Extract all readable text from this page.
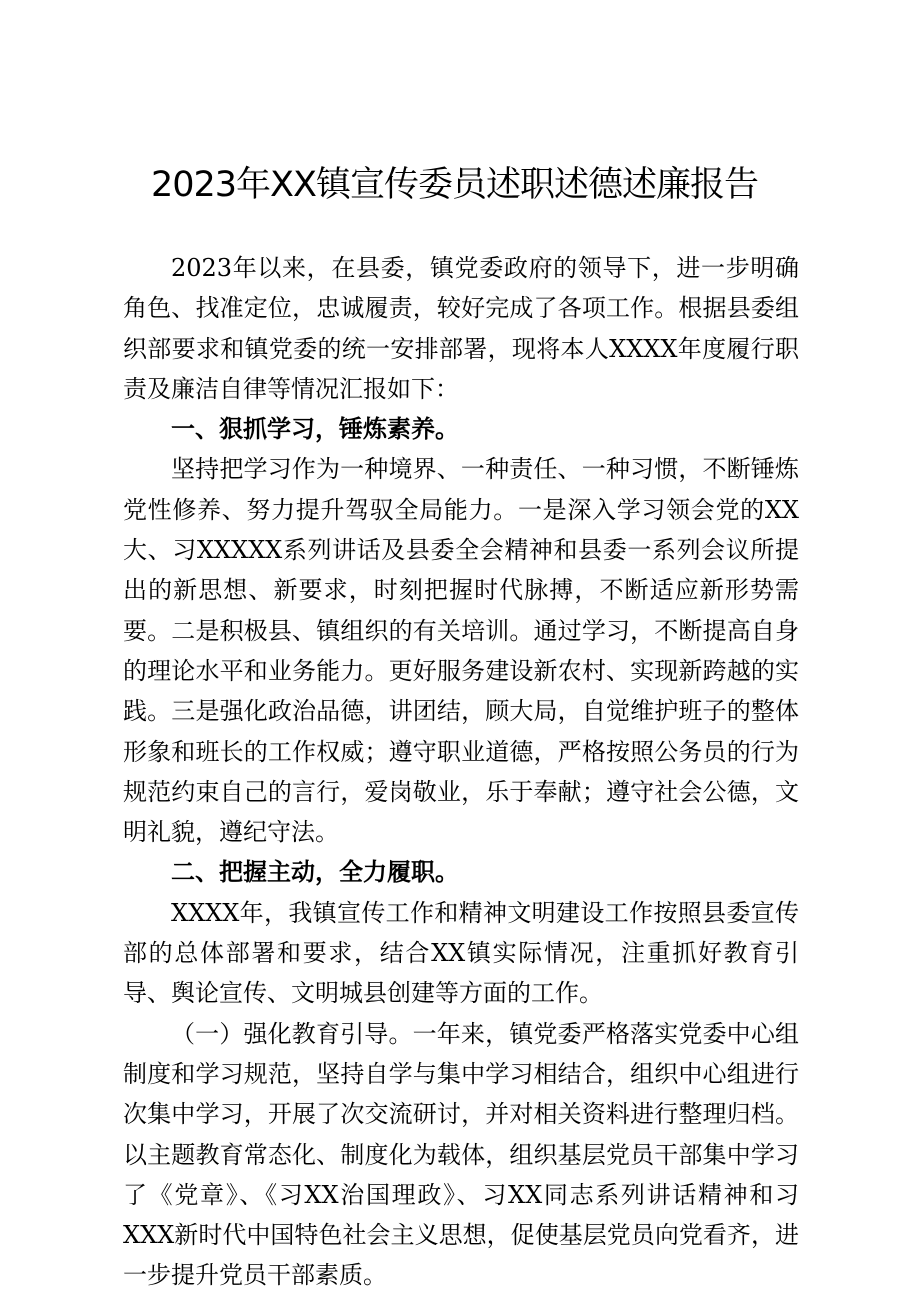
2023年XX镇宣传委员述职述德述廉报告

2023年以来，在县委，镇党委政府的领导下，进一步明确角色、找准定位，忠诚履责，较好完成了各项工作。根据县委组织部要求和镇党委的统一安排部署，现将本人XXXX年度履行职责及廉洁自律等情况汇报如下：

一、狠抓学习，锤炼素养。

坚持把学习作为一种境界、一种责任、一种习惯，不断锤炼党性修养、努力提升驾驭全局能力。一是深入学习领会党的XX大、习XXXXX系列讲话及县委全会精神和县委一系列会议所提出的新思想、新要求，时刻把握时代脉搏，不断适应新形势需要。二是积极县、镇组织的有关培训。通过学习，不断提高自身的理论水平和业务能力。更好服务建设新农村、实现新跨越的实践。三是强化政治品德，讲团结，顾大局，自觉维护班子的整体形象和班长的工作权威；遵守职业道德，严格按照公务员的行为规范约束自己的言行，爱岗敬业，乐于奉献；遵守社会公德，文明礼貌，遵纪守法。

二、把握主动，全力履职。

XXXX年，我镇宣传工作和精神文明建设工作按照县委宣传部的总体部署和要求，结合XX镇实际情况，注重抓好教育引导、舆论宣传、文明城县创建等方面的工作。

（一）强化教育引导。一年来，镇党委严格落实党委中心组制度和学习规范，坚持自学与集中学习相结合，组织中心组进行次集中学习，开展了次交流研讨，并对相关资料进行整理归档。以主题教育常态化、制度化为载体，组织基层党员干部集中学习了《党章》、《习XX治国理政》、习XX同志系列讲话精神和习XXX新时代中国特色社会主义思想，促使基层党员向党看齐，进一步提升党员干部素质。
